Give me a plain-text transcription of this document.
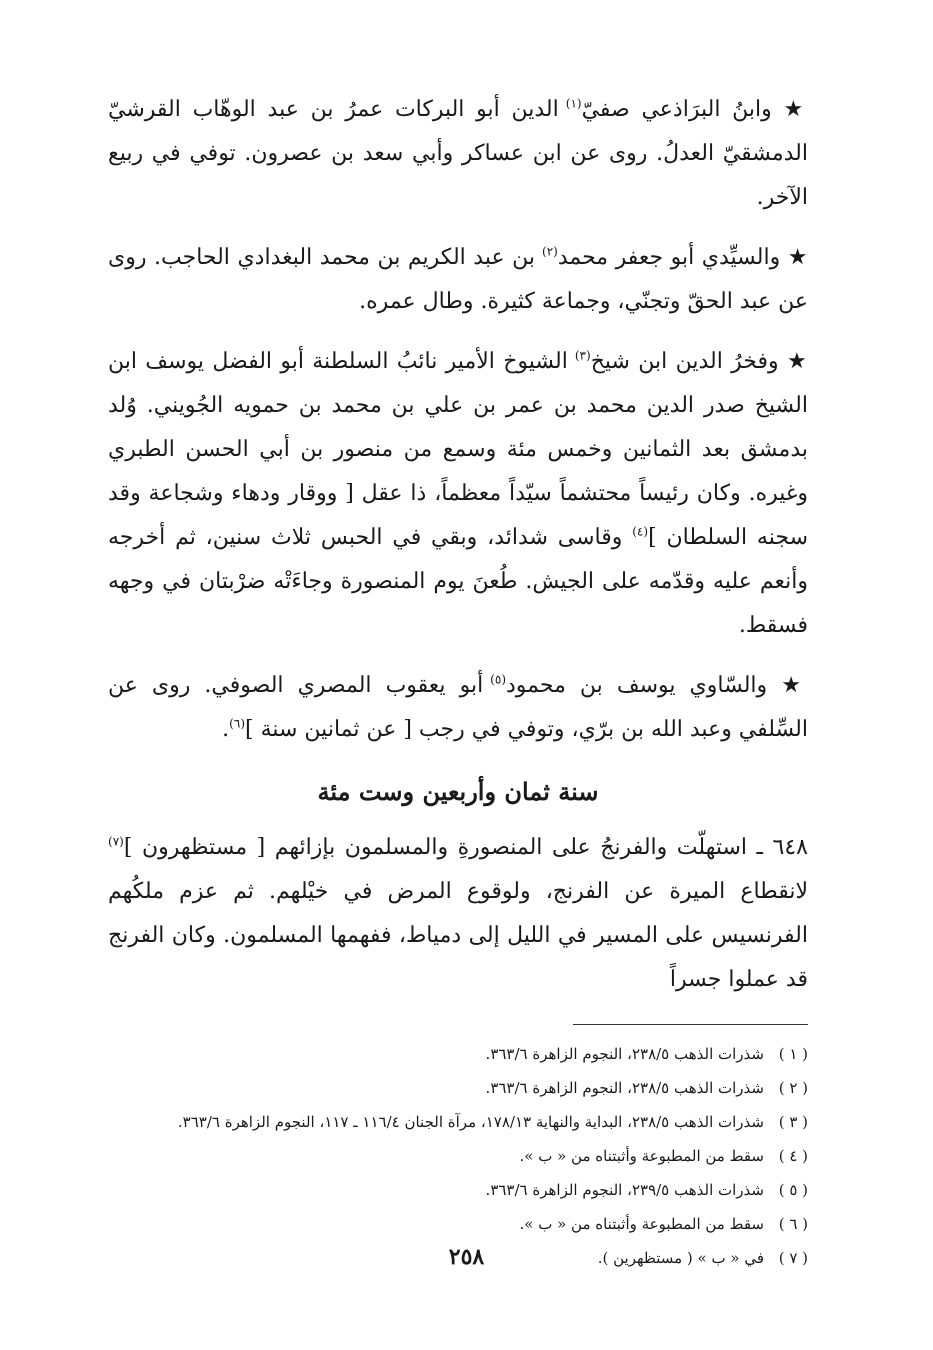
★ وابنُ البرَاذعي صفيّ$^{(١)}$ الدين أبو البركات عمرُ بن عبد الوهّاب القرشيّ الدمشقيّ العدلُ. روى عن ابن عساكر وأبي سعد بن عصرون. توفي في ربيع الآخر.

★ والسيِّدي أبو جعفر محمد$^{(٢)}$ بن عبد الكريم بن محمد البغدادي الحاجب. روى عن عبد الحقّ وتجنّي، وجماعة كثيرة. وطال عمره.

★ وفخرُ الدين ابن شيخ$^{(٣)}$ الشيوخ الأمير نائبُ السلطنة أبو الفضل يوسف ابن الشيخ صدر الدين محمد بن عمر بن علي بن محمد بن حمويه الجُويني. وُلد بدمشق بعد الثمانين وخمس مئة وسمع من منصور بن أبي الحسن الطبري وغيره. وكان رئيساً محتشماً سيّداً معظماً، ذا عقل [ ووقار ودهاء وشجاعة وقد سجنه السلطان ]$^{(٤)}$ وقاسى شدائد، وبقي في الحبس ثلاث سنين، ثم أخرجه وأنعم عليه وقدّمه على الجيش. طُعنَ يوم المنصورة وجاءَتْه ضرْبتان في وجهه فسقط.

★ والسّاوي يوسف بن محمود$^{(٥)}$ أبو يعقوب المصري الصوفي. روى عن السِّلفي وعبد الله بن برّي، وتوفي في رجب [ عن ثمانين سنة ]$^{(٦)}$.

سنة ثمان وأربعين وست مئة

٦٤٨ ـ استهلّت والفرنجُ على المنصورةِ والمسلمون بإزائهم [ مستظهرون ]$^{(٧)}$ لانقطاع الميرة عن الفرنج، ولوقوع المرض في خيْلهم. ثم عزم ملكُهم الفرنسيس على المسير في الليل إلى دمياط، ففهمها المسلمون. وكان الفرنج قد عملوا جسراً

( ١ )
شذرات الذهب ٢٣٨/٥، النجوم الزاهرة ٣٦٣/٦.
( ٢ )
شذرات الذهب ٢٣٨/٥، النجوم الزاهرة ٣٦٣/٦.
( ٣ )
شذرات الذهب ٢٣٨/٥، البداية والنهاية ١٧٨/١٣، مرآة الجنان ١١٦/٤ ـ ١١٧، النجوم الزاهرة ٣٦٣/٦.
( ٤ )
سقط من المطبوعة وأثبتناه من « ب ».
( ٥ )
شذرات الذهب ٢٣٩/٥، النجوم الزاهرة ٣٦٣/٦.
( ٦ )
سقط من المطبوعة وأثبتناه من « ب ».
( ٧ )
في « ب » ( مستظهرين ).
٢٥٨
